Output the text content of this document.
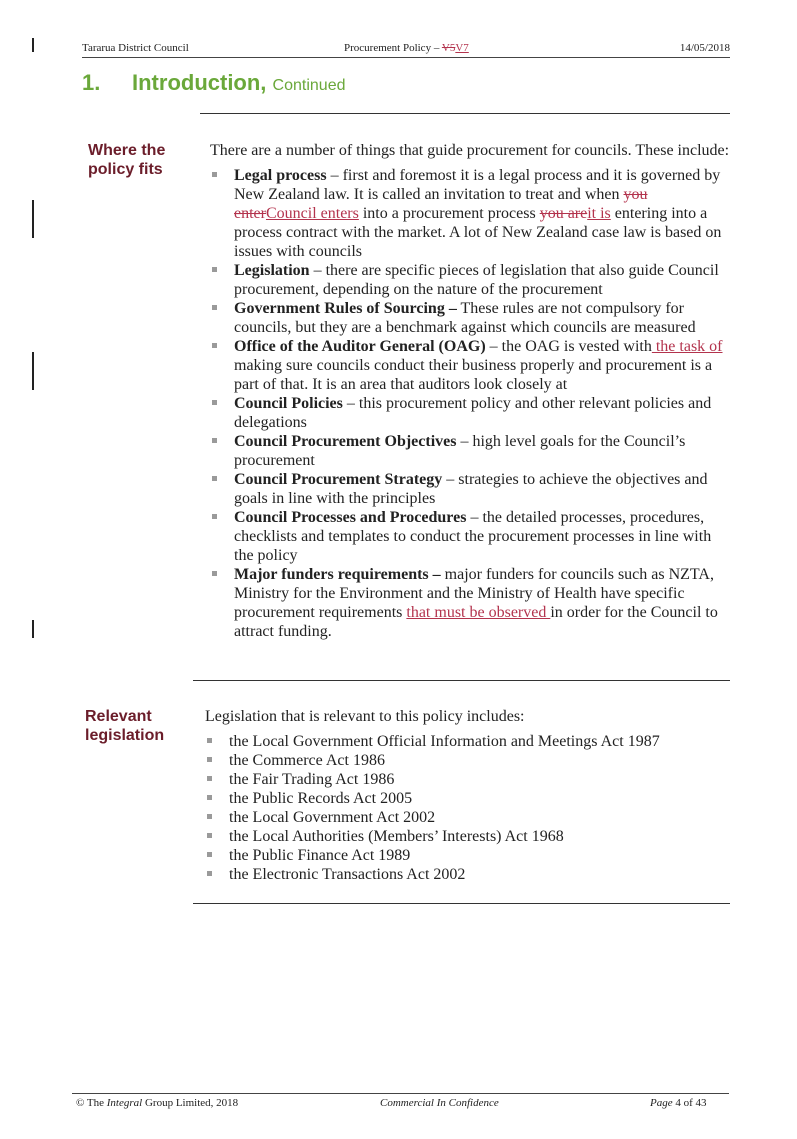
Tararua District Council	Procurement Policy – V5V7	14/05/2018
1. Introduction, Continued
Where the policy fits

There are a number of things that guide procurement for councils. These include:

Legal process – first and foremost it is a legal process and it is governed by New Zealand law. It is called an invitation to treat and when you enterCouncil enters into a procurement process you areit is entering into a process contract with the market. A lot of New Zealand case law is based on issues with councils
Legislation – there are specific pieces of legislation that also guide Council procurement, depending on the nature of the procurement
Government Rules of Sourcing – These rules are not compulsory for councils, but they are a benchmark against which councils are measured
Office of the Auditor General (OAG) – the OAG is vested with the task of making sure councils conduct their business properly and procurement is a part of that. It is an area that auditors look closely at
Council Policies – this procurement policy and other relevant policies and delegations
Council Procurement Objectives – high level goals for the Council’s procurement
Council Procurement Strategy – strategies to achieve the objectives and goals in line with the principles
Council Processes and Procedures – the detailed processes, procedures, checklists and templates to conduct the procurement processes in line with the policy
Major funders requirements – major funders for councils such as NZTA, Ministry for the Environment and the Ministry of Health have specific procurement requirements that must be observed in order for the Council to attract funding.
Relevant legislation

Legislation that is relevant to this policy includes:

the Local Government Official Information and Meetings Act 1987
the Commerce Act 1986
the Fair Trading Act 1986
the Public Records Act 2005
the Local Government Act 2002
the Local Authorities (Members’ Interests) Act 1968
the Public Finance Act 1989
the Electronic Transactions Act 2002
© The Integral Group Limited, 2018	Commercial In Confidence	Page 4 of 43
